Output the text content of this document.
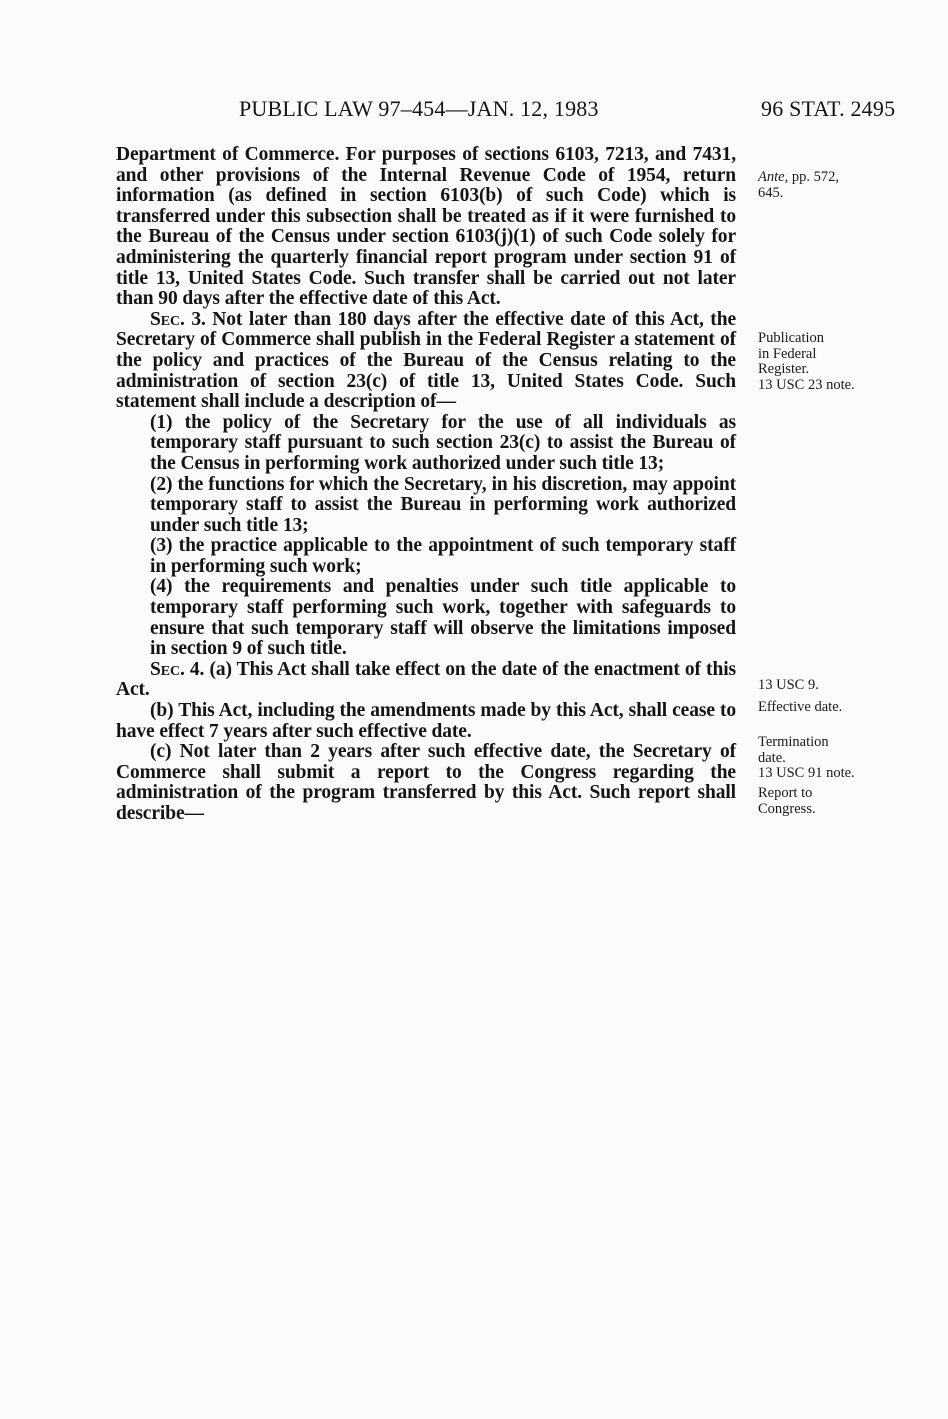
PUBLIC LAW 97–454—JAN. 12, 1983	96 STAT. 2495

Department of Commerce. For purposes of sections 6103, 7213, and 7431, and other provisions of the Internal Revenue Code of 1954, return information (as defined in section 6103(b) of such Code) which is transferred under this subsection shall be treated as if it were furnished to the Bureau of the Census under section 6103(j)(1) of such Code solely for administering the quarterly financial report program under section 91 of title 13, United States Code. Such transfer shall be carried out not later than 90 days after the effective date of this Act.

Sec. 3. Not later than 180 days after the effective date of this Act, the Secretary of Commerce shall publish in the Federal Register a statement of the policy and practices of the Bureau of the Census relating to the administration of section 23(c) of title 13, United States Code. Such statement shall include a description of—

(1) the policy of the Secretary for the use of all individuals as temporary staff pursuant to such section 23(c) to assist the Bureau of the Census in performing work authorized under such title 13;

(2) the functions for which the Secretary, in his discretion, may appoint temporary staff to assist the Bureau in performing work authorized under such title 13;

(3) the practice applicable to the appointment of such temporary staff in performing such work;

(4) the requirements and penalties under such title applicable to temporary staff performing such work, together with safeguards to ensure that such temporary staff will observe the limitations imposed in section 9 of such title.

Sec. 4. (a) This Act shall take effect on the date of the enactment of this Act.

(b) This Act, including the amendments made by this Act, shall cease to have effect 7 years after such effective date.

(c) Not later than 2 years after such effective date, the Secretary of Commerce shall submit a report to the Congress regarding the administration of the program transferred by this Act. Such report shall describe—

Ante, pp. 572,
645.
Publication
in Federal
Register.
13 USC 23 note.
13 USC 9.
Effective date.
Termination
date.
13 USC 91 note.
Report to
Congress.
